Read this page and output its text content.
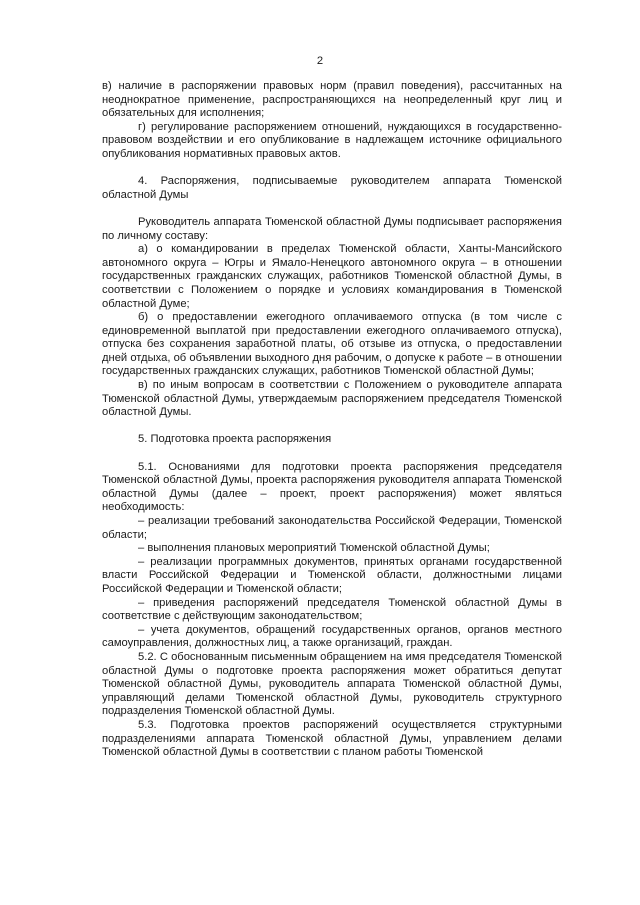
2

в) наличие в распоряжении правовых норм (правил поведения), рассчитанных на неоднократное применение, распространяющихся на неопределенный круг лиц и обязательных для исполнения;

г) регулирование распоряжением отношений, нуждающихся в государственно-правовом воздействии и его опубликование в надлежащем источнике официального опубликования нормативных правовых актов.

4. Распоряжения, подписываемые руководителем аппарата Тюменской областной Думы

Руководитель аппарата Тюменской областной Думы подписывает распоряжения по личному составу:

а) о командировании в пределах Тюменской области, Ханты-Мансийского автономного округа – Югры и Ямало-Ненецкого автономного округа – в отношении государственных гражданских служащих, работников Тюменской областной Думы, в соответствии с Положением о порядке и условиях командирования в Тюменской областной Думе;

б) о предоставлении ежегодного оплачиваемого отпуска (в том числе с единовременной выплатой при предоставлении ежегодного оплачиваемого отпуска), отпуска без сохранения заработной платы, об отзыве из отпуска, о предоставлении дней отдыха, об объявлении выходного дня рабочим, о допуске к работе – в отношении государственных гражданских служащих, работников Тюменской областной Думы;

в) по иным вопросам в соответствии с Положением о руководителе аппарата Тюменской областной Думы, утверждаемым распоряжением председателя Тюменской областной Думы.

5. Подготовка проекта распоряжения

5.1. Основаниями для подготовки проекта распоряжения председателя Тюменской областной Думы, проекта распоряжения руководителя аппарата Тюменской областной Думы (далее – проект, проект распоряжения) может являться необходимость:

– реализации требований законодательства Российской Федерации, Тюменской области;

– выполнения плановых мероприятий Тюменской областной Думы;

– реализации программных документов, принятых органами государственной власти Российской Федерации и Тюменской области, должностными лицами Российской Федерации и Тюменской области;

– приведения распоряжений председателя Тюменской областной Думы в соответствие с действующим законодательством;

– учета документов, обращений государственных органов, органов местного самоуправления, должностных лиц, а также организаций, граждан.

5.2. С обоснованным письменным обращением на имя председателя Тюменской областной Думы о подготовке проекта распоряжения может обратиться депутат Тюменской областной Думы, руководитель аппарата Тюменской областной Думы, управляющий делами Тюменской областной Думы, руководитель структурного подразделения Тюменской областной Думы.

5.3. Подготовка проектов распоряжений осуществляется структурными подразделениями аппарата Тюменской областной Думы, управлением делами Тюменской областной Думы в соответствии с планом работы Тюменской
